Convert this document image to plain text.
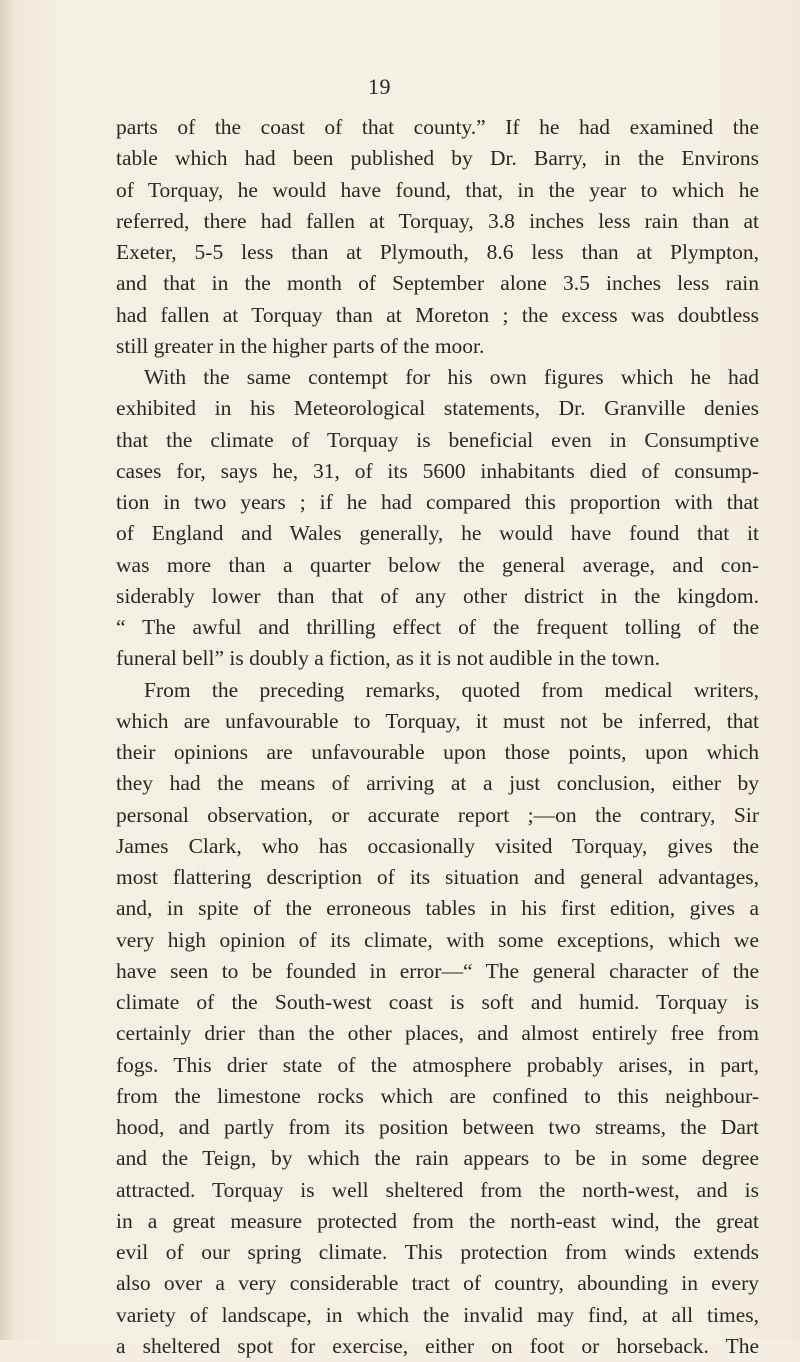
19
parts of the coast of that county.” If he had examined the
table which had been published by Dr. Barry, in the Environs
of Torquay, he would have found, that, in the year to which he
referred, there had fallen at Torquay, 3.8 inches less rain than at
Exeter, 5-5 less than at Plymouth, 8.6 less than at Plympton,
and that in the month of September alone 3.5 inches less rain
had fallen at Torquay than at Moreton ; the excess was doubtless
still greater in the higher parts of the moor.
With the same contempt for his own figures which he had
exhibited in his Meteorological statements, Dr. Granville denies
that the climate of Torquay is beneficial even in Consumptive
cases for, says he, 31, of its 5600 inhabitants died of consump-
tion in two years ; if he had compared this proportion with that
of England and Wales generally, he would have found that it
was more than a quarter below the general average, and con-
siderably lower than that of any other district in the kingdom.
“ The awful and thrilling effect of the frequent tolling of the
funeral bell” is doubly a fiction, as it is not audible in the town.
From the preceding remarks, quoted from medical writers,
which are unfavourable to Torquay, it must not be inferred, that
their opinions are unfavourable upon those points, upon which
they had the means of arriving at a just conclusion, either by
personal observation, or accurate report ;—on the contrary, Sir
James Clark, who has occasionally visited Torquay, gives the
most flattering description of its situation and general advantages,
and, in spite of the erroneous tables in his first edition, gives a
very high opinion of its climate, with some exceptions, which we
have seen to be founded in error—“ The general character of the
climate of the South-west coast is soft and humid. Torquay is
certainly drier than the other places, and almost entirely free from
fogs. This drier state of the atmosphere probably arises, in part,
from the limestone rocks which are confined to this neighbour-
hood, and partly from its position between two streams, the Dart
and the Teign, by which the rain appears to be in some degree
attracted. Torquay is well sheltered from the north-west, and is
in a great measure protected from the north-east wind, the great
evil of our spring climate. This protection from winds extends
also over a very considerable tract of country, abounding in every
variety of landscape, in which the invalid may find, at all times,
a sheltered spot for exercise, either on foot or horseback. The
